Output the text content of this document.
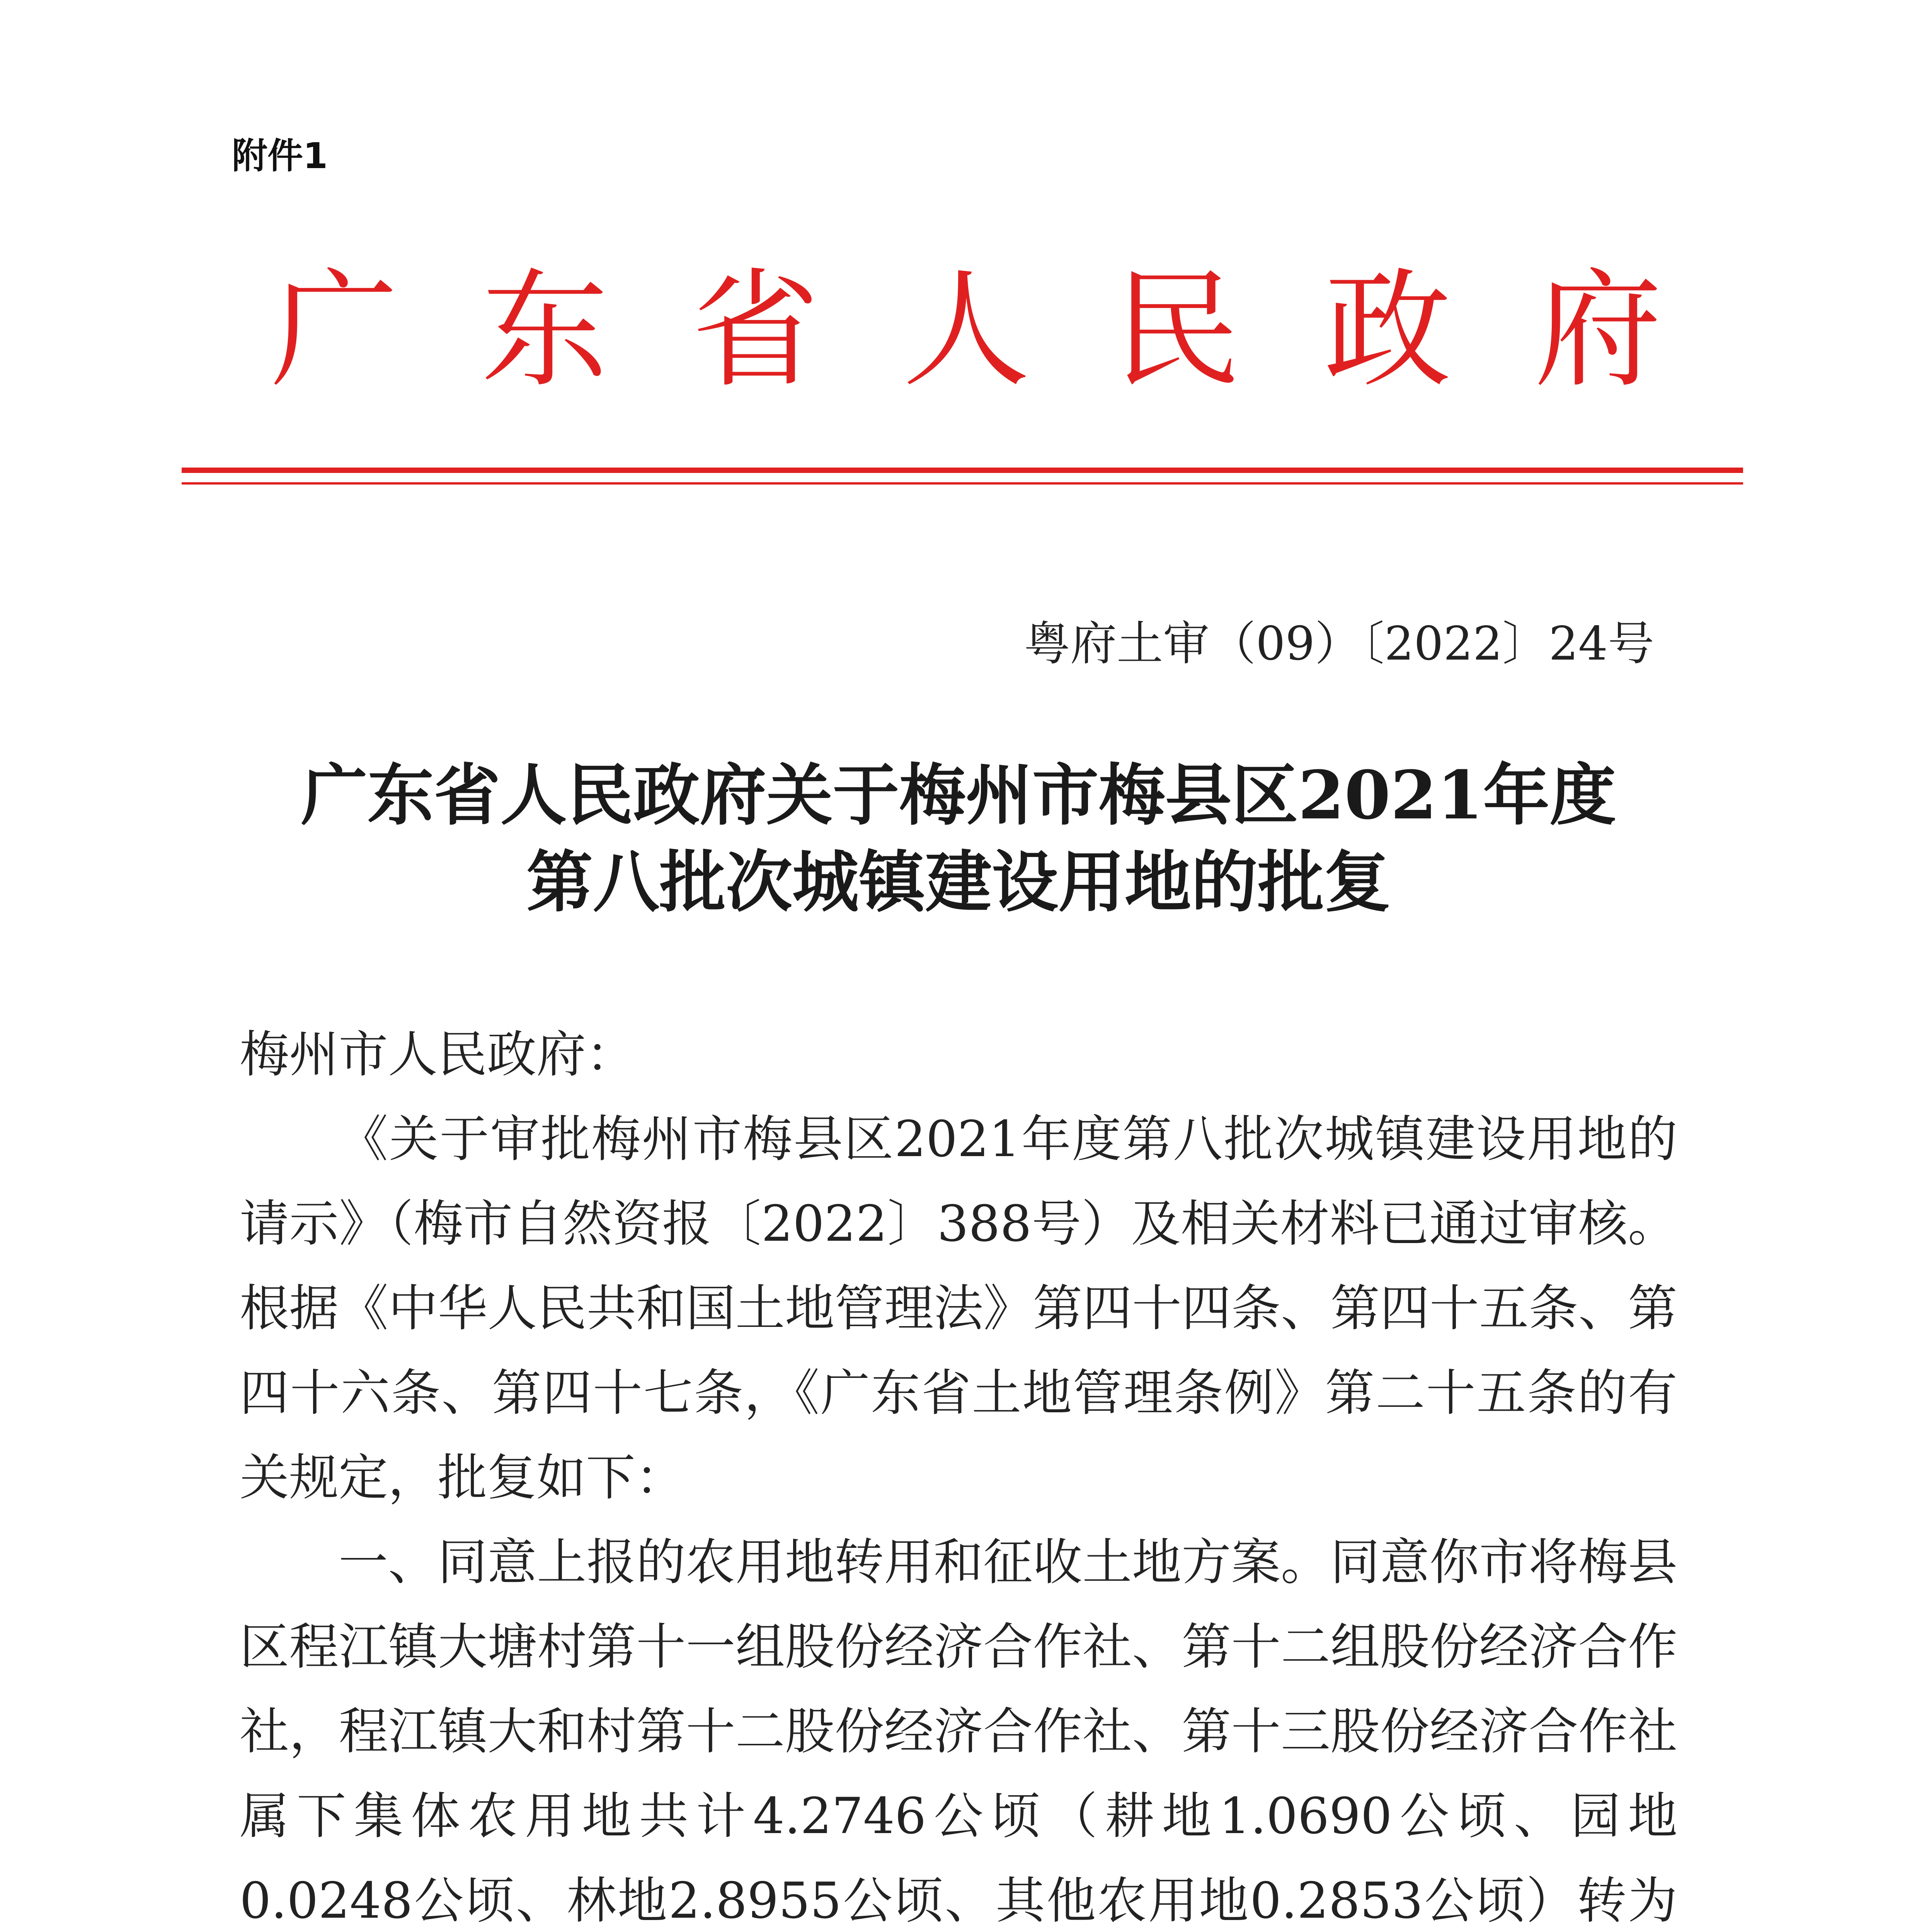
附件1
广东省人民政府
粤府土审（09）〔2022〕24号
广东省人民政府关于梅州市梅县区2021年度
第八批次城镇建设用地的批复

梅州市人民政府：

《关于审批梅州市梅县区2021年度第八批次城镇建设用地的请示》（梅市自然资报〔2022〕388号）及相关材料已通过审核。根据《中华人民共和国土地管理法》第四十四条、第四十五条、第四十六条、第四十七条，《广东省土地管理条例》第二十五条的有关规定，批复如下：

一、同意上报的农用地转用和征收土地方案。同意你市将梅县区程江镇大塘村第十一组股份经济合作社、第十二组股份经济合作社，程江镇大和村第十二股份经济合作社、第十三股份经济合作社属下集体农用地共计4.2746公顷（耕地1.0690公顷、园地0.0248公顷、林地2.8955公顷、其他农用地0.2853公顷）转为
